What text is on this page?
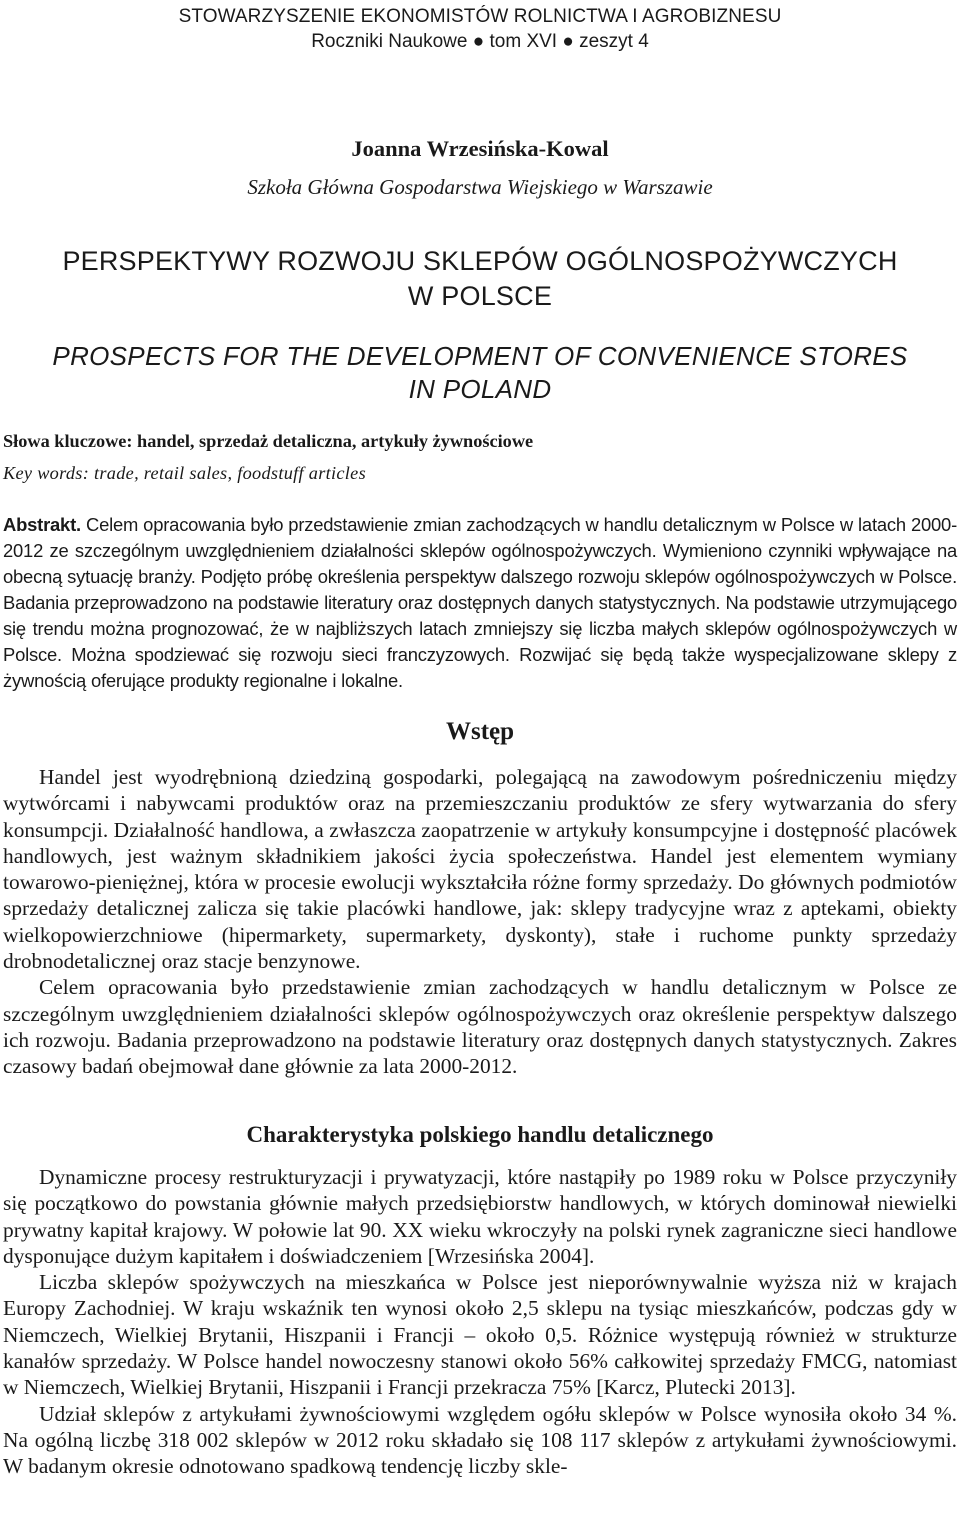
STOWARZYSZENIE EKONOMISTÓW ROLNICTWA I AGROBIZNESU
Roczniki Naukowe ● tom XVI ● zeszyt 4
Joanna Wrzesińska-Kowal
Szkoła Główna Gospodarstwa Wiejskiego w Warszawie
PERSPEKTYWY ROZWOJU SKLEPÓW OGÓLNOSPOŻYWCZYCH
W POLSCE
PROSPECTS FOR THE DEVELOPMENT OF CONVENIENCE STORES
IN POLAND
Słowa kluczowe: handel, sprzedaż detaliczna, artykuły żywnościowe
Key words: trade, retail sales, foodstuff articles
Abstrakt. Celem opracowania było przedstawienie zmian zachodzących w handlu detalicznym w Polsce w latach 2000-2012 ze szczególnym uwzględnieniem działalności sklepów ogólnospożywczych. Wymieniono czynniki wpływające na obecną sytuację branży. Podjęto próbę określenia perspektyw dalszego rozwoju sklepów ogólnospożywczych w Polsce. Badania przeprowadzono na podstawie literatury oraz dostępnych danych statystycznych. Na podstawie utrzymującego się trendu można prognozować, że w najbliższych latach zmniejszy się liczba małych sklepów ogólnospożywczych w Polsce. Można spodziewać się rozwoju sieci franczyzowych. Rozwijać się będą także wyspecjalizowane sklepy z żywnością oferujące produkty regionalne i lokalne.
Wstęp

Handel jest wyodrębnioną dziedziną gospodarki, polegającą na zawodowym pośredniczeniu między wytwórcami i nabywcami produktów oraz na przemieszczaniu produktów ze sfery wytwarzania do sfery konsumpcji. Działalność handlowa, a zwłaszcza zaopatrzenie w artykuły konsumpcyjne i dostępność placówek handlowych, jest ważnym składnikiem jakości życia społeczeństwa. Handel jest elementem wymiany towarowo-pieniężnej, która w procesie ewolucji wykształciła różne formy sprzedaży. Do głównych podmiotów sprzedaży detalicznej zalicza się takie placówki handlowe, jak: sklepy tradycyjne wraz z aptekami, obiekty wielkopowierzchniowe (hipermarkety, supermarkety, dyskonty), stałe i ruchome punkty sprzedaży drobnodetalicznej oraz stacje benzynowe.

Celem opracowania było przedstawienie zmian zachodzących w handlu detalicznym w Polsce ze szczególnym uwzględnieniem działalności sklepów ogólnospożywczych oraz określenie perspektyw dalszego ich rozwoju. Badania przeprowadzono na podstawie literatury oraz dostępnych danych statystycznych. Zakres czasowy badań obejmował dane głównie za lata 2000-2012.

Charakterystyka polskiego handlu detalicznego

Dynamiczne procesy restrukturyzacji i prywatyzacji, które nastąpiły po 1989 roku w Polsce przyczyniły się początkowo do powstania głównie małych przedsiębiorstw handlowych, w których dominował niewielki prywatny kapitał krajowy. W połowie lat 90. XX wieku wkroczyły na polski rynek zagraniczne sieci handlowe dysponujące dużym kapitałem i doświadczeniem [Wrzesińska 2004].

Liczba sklepów spożywczych na mieszkańca w Polsce jest nieporównywalnie wyższa niż w krajach Europy Zachodniej. W kraju wskaźnik ten wynosi około 2,5 sklepu na tysiąc mieszkańców, podczas gdy w Niemczech, Wielkiej Brytanii, Hiszpanii i Francji – około 0,5. Różnice występują również w strukturze kanałów sprzedaży. W Polsce handel nowoczesny stanowi około 56% całkowitej sprzedaży FMCG, natomiast w Niemczech, Wielkiej Brytanii, Hiszpanii i Francji przekracza 75% [Karcz, Plutecki 2013].

Udział sklepów z artykułami żywnościowymi względem ogółu sklepów w Polsce wynosiła około 34 %. Na ogólną liczbę 318 002 sklepów w 2012 roku składało się 108 117 sklepów z artykułami żywnościowymi. W badanym okresie odnotowano spadkową tendencję liczby skle-
